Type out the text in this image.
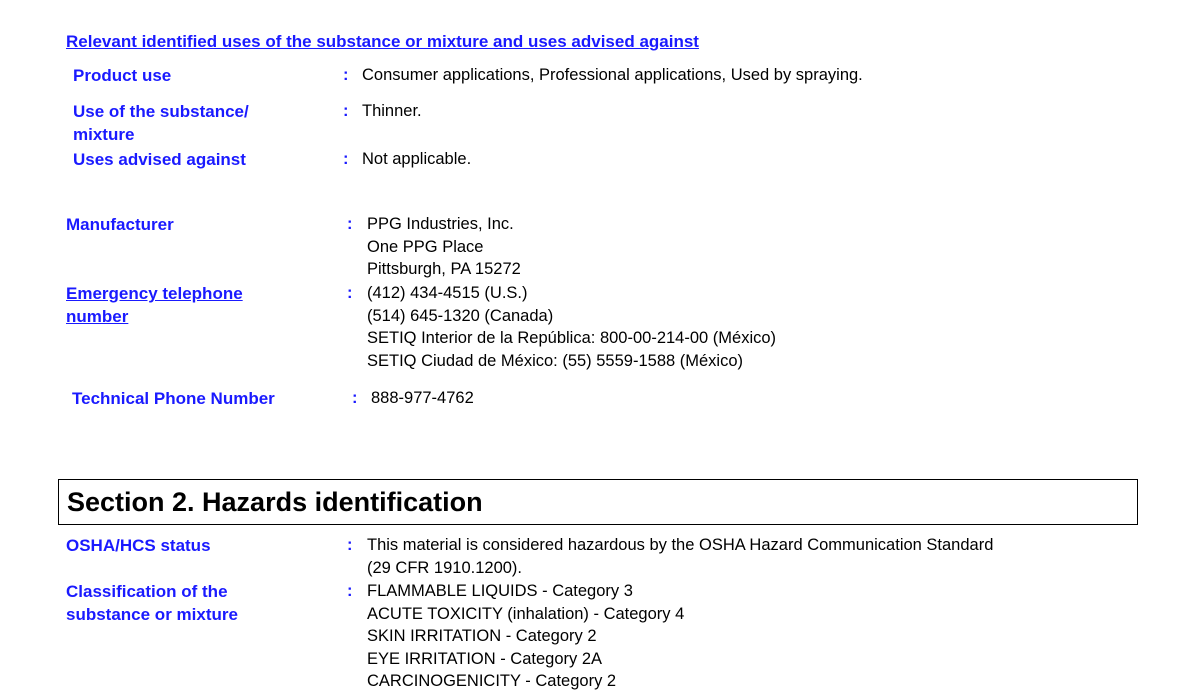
Relevant identified uses of the substance or mixture and uses advised against
Product use	: Consumer applications, Professional applications, Used by spraying.
Use of the substance/
mixture
: Thinner.
Uses advised against	: Not applicable.
Manufacturer	: PPG Industries, Inc.
One PPG Place
Pittsburgh, PA 15272
Emergency telephone
number
: (412) 434-4515 (U.S.)
(514) 645-1320 (Canada)
SETIQ Interior de la República: 800-00-214-00 (México)
SETIQ Ciudad de México: (55) 5559-1588 (México)
Technical Phone Number	: 888-977-4762
Section 2. Hazards identification
OSHA/HCS status	: This material is considered hazardous by the OSHA Hazard Communication Standard
(29 CFR 1910.1200).
Classification of the
substance or mixture
: FLAMMABLE LIQUIDS - Category 3
ACUTE TOXICITY (inhalation) - Category 4
SKIN IRRITATION - Category 2
EYE IRRITATION - Category 2A
CARCINOGENICITY - Category 2
